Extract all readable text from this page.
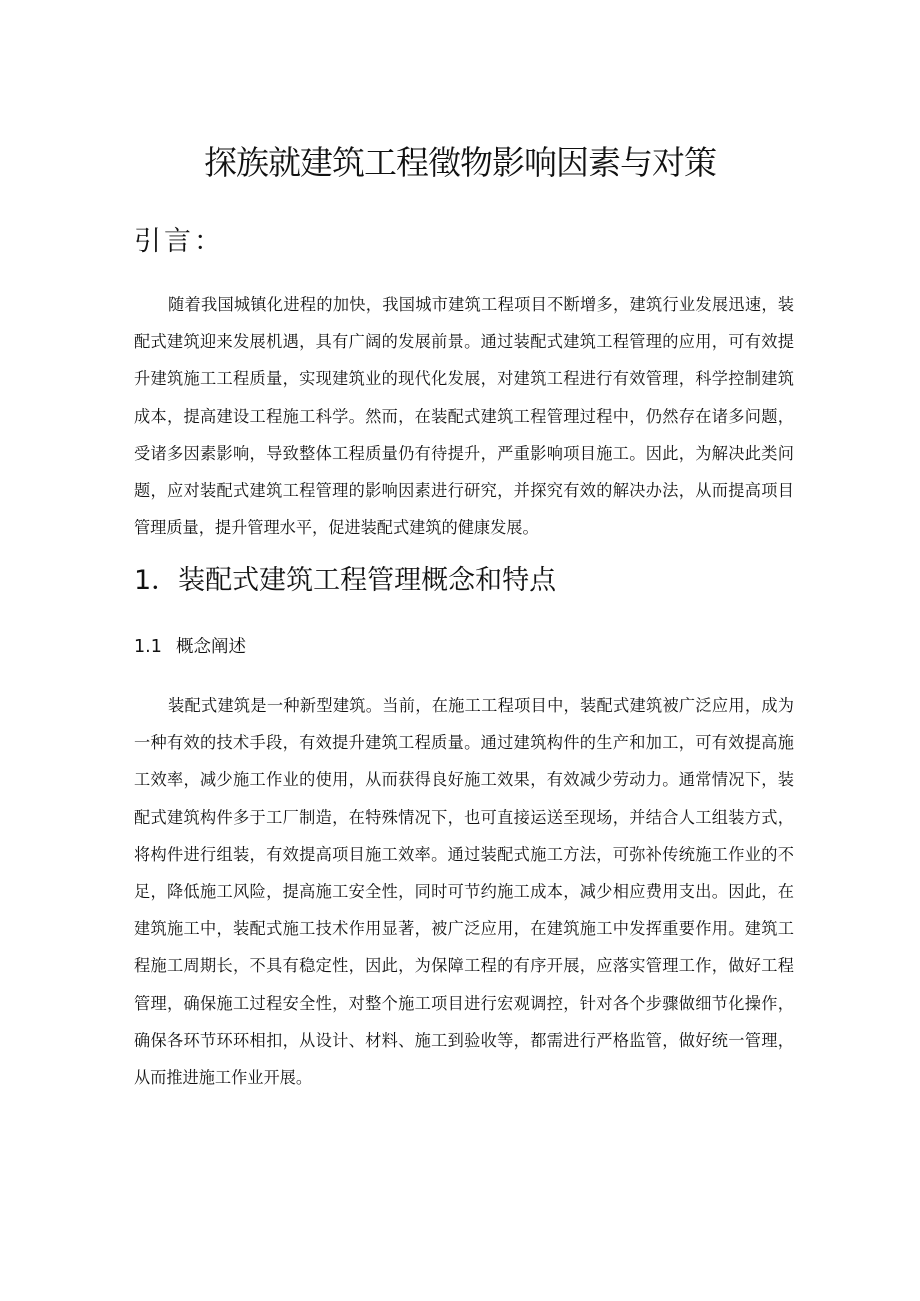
探族就建筑工程徵物影响因素与对策
引言：

随着我国城镇化进程的加快，我国城市建筑工程项目不断增多，建筑行业发展迅速，装配式建筑迎来发展机遇，具有广阔的发展前景。通过装配式建筑工程管理的应用，可有效提升建筑施工工程质量，实现建筑业的现代化发展，对建筑工程进行有效管理，科学控制建筑成本，提高建设工程施工科学。然而，在装配式建筑工程管理过程中，仍然存在诸多问题，受诸多因素影响，导致整体工程质量仍有待提升，严重影响项目施工。因此，为解决此类问题，应对装配式建筑工程管理的影响因素进行研究，并探究有效的解决办法，从而提高项目管理质量，提升管理水平，促进装配式建筑的健康发展。

1．装配式建筑工程管理概念和特点
1.1 概念阐述

装配式建筑是一种新型建筑。当前，在施工工程项目中，装配式建筑被广泛应用，成为一种有效的技术手段，有效提升建筑工程质量。通过建筑构件的生产和加工，可有效提高施工效率，减少施工作业的使用，从而获得良好施工效果，有效减少劳动力。通常情况下，装配式建筑构件多于工厂制造，在特殊情况下，也可直接运送至现场，并结合人工组装方式，将构件进行组装，有效提高项目施工效率。通过装配式施工方法，可弥补传统施工作业的不足，降低施工风险，提高施工安全性，同时可节约施工成本，减少相应费用支出。因此，在建筑施工中，装配式施工技术作用显著，被广泛应用，在建筑施工中发挥重要作用。建筑工程施工周期长，不具有稳定性，因此，为保障工程的有序开展，应落实管理工作，做好工程管理，确保施工过程安全性，对整个施工项目进行宏观调控，针对各个步骤做细节化操作，确保各环节环环相扣，从设计、材料、施工到验收等，都需进行严格监管，做好统一管理，从而推进施工作业开展。
